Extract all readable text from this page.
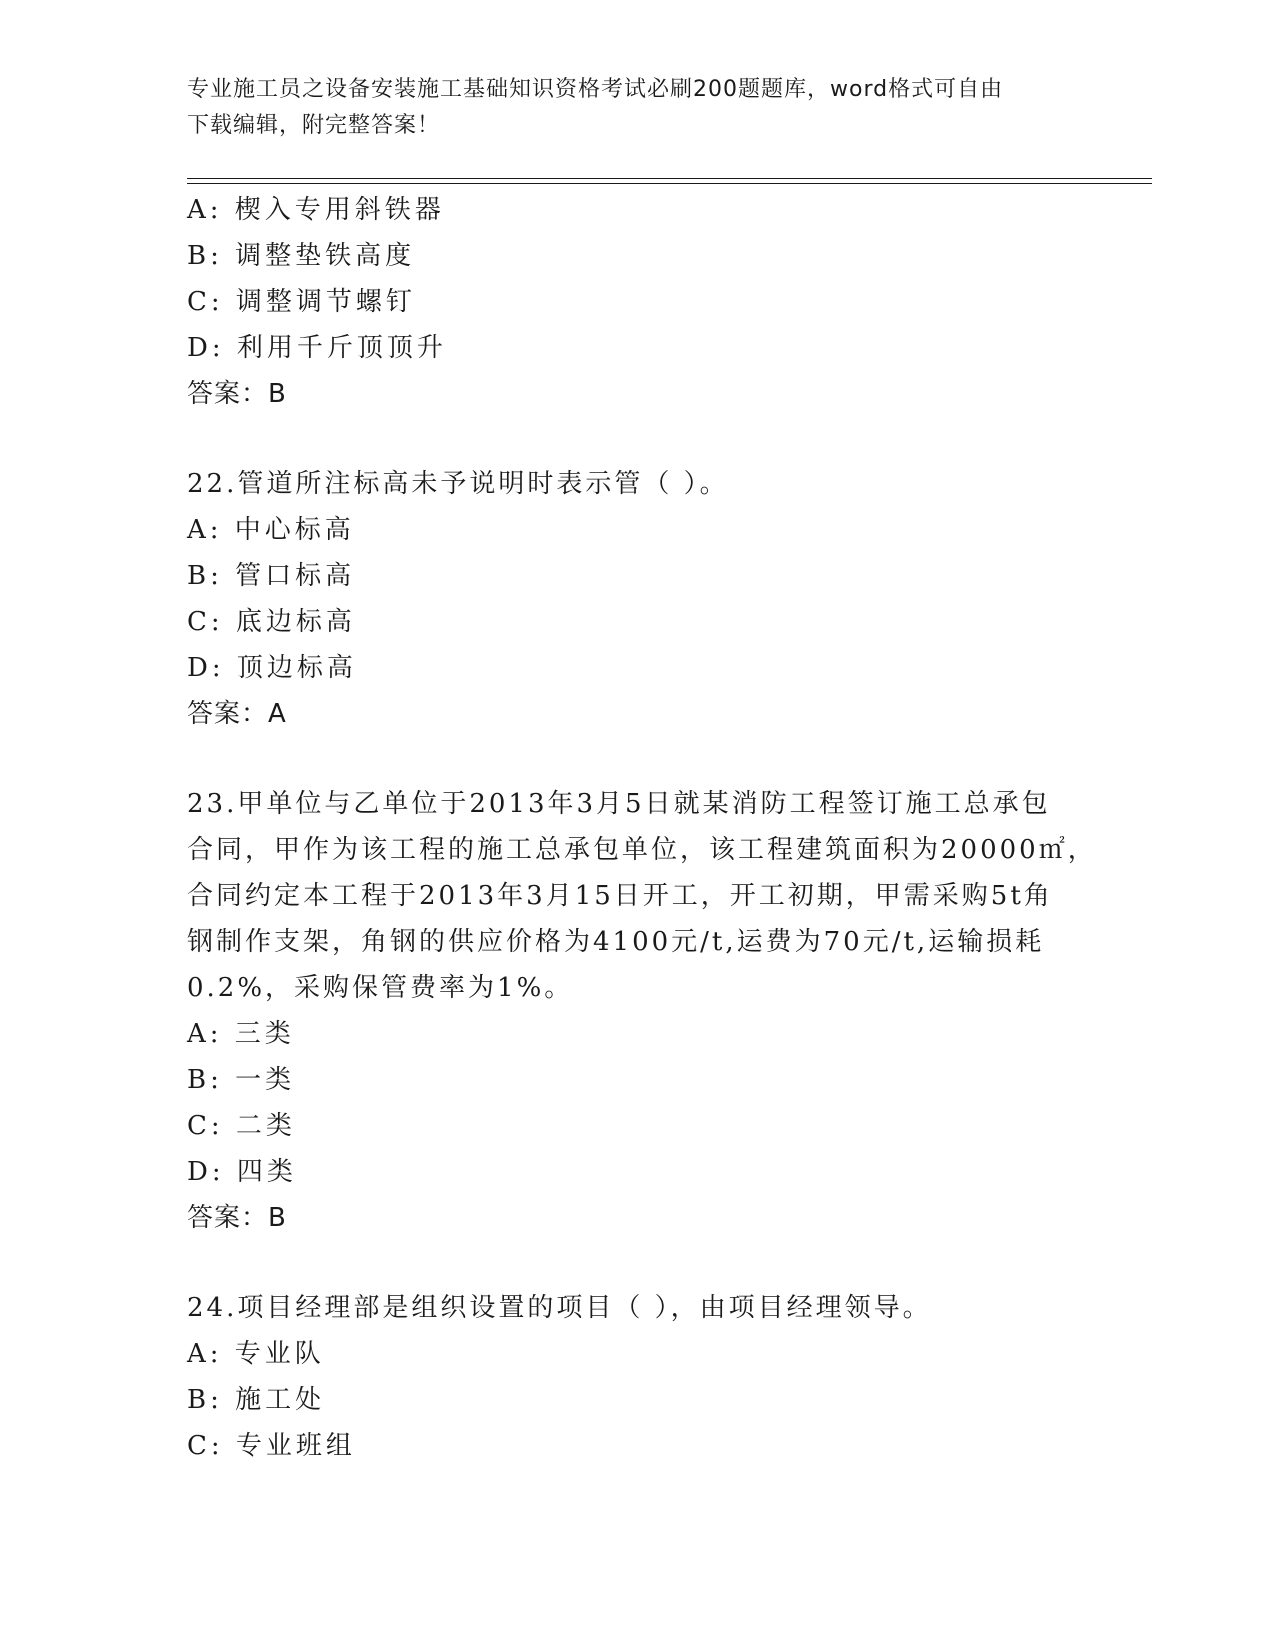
专业施工员之设备安装施工基础知识资格考试必刷200题题库，word格式可自由
下载编辑，附完整答案！
A: 楔入专用斜铁器
B: 调整垫铁高度
C: 调整调节螺钉
D: 利用千斤顶顶升
答案：B
22.管道所注标高未予说明时表示管（ ）。
A: 中心标高
B: 管口标高
C: 底边标高
D: 顶边标高
答案：A
23.甲单位与乙单位于2013年3月5日就某消防工程签订施工总承包
合同，甲作为该工程的施工总承包单位，该工程建筑面积为20000㎡，
合同约定本工程于2013年3月15日开工，开工初期，甲需采购5t角
钢制作支架，角钢的供应价格为4100元/t,运费为70元/t,运输损耗
0.2%，采购保管费率为1%。
A: 三类
B: 一类
C: 二类
D: 四类
答案：B
24.项目经理部是组织设置的项目（ ），由项目经理领导。
A: 专业队
B: 施工处
C: 专业班组
